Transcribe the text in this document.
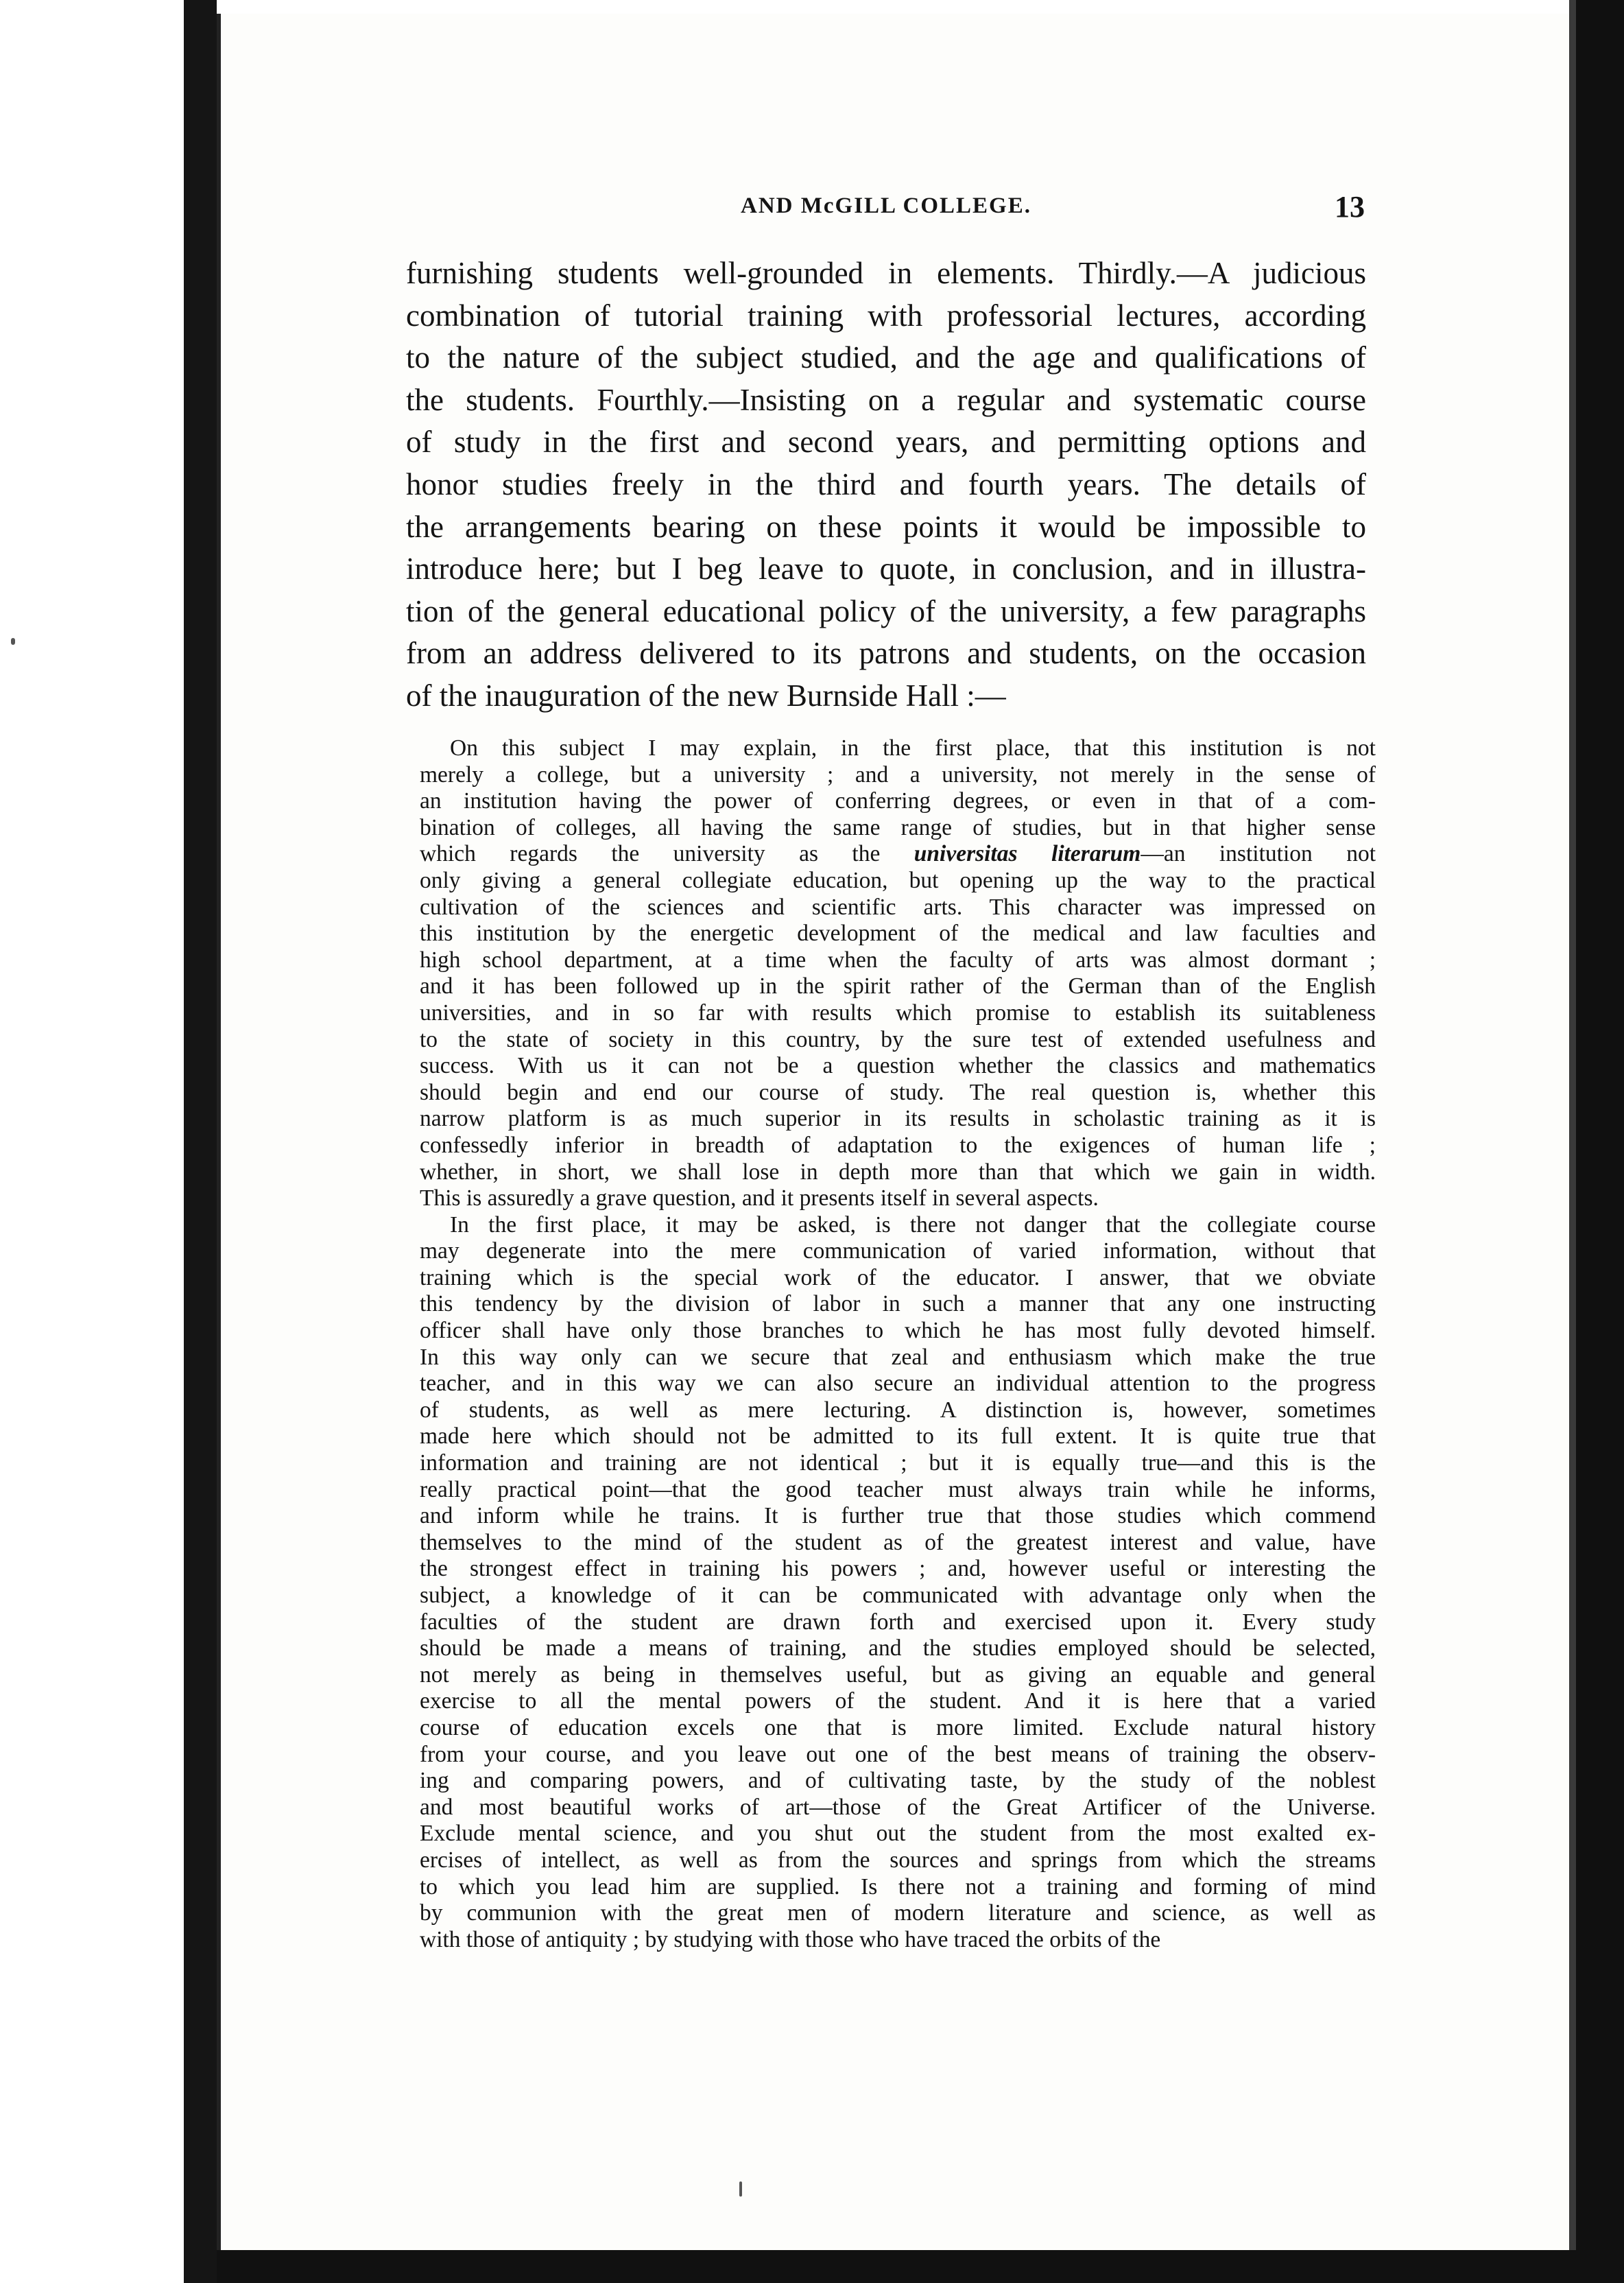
AND McGILL COLLEGE.	13
furnishing students well-grounded in elements. Thirdly.—A judicious
combination of tutorial training with professorial lectures, according
to the nature of the subject studied, and the age and qualifications of
the students. Fourthly.—Insisting on a regular and systematic course
of study in the first and second years, and permitting options and
honor studies freely in the third and fourth years. The details of
the arrangements bearing on these points it would be impossible to
introduce here; but I beg leave to quote, in conclusion, and in illustra-
tion of the general educational policy of the university, a few paragraphs
from an address delivered to its patrons and students, on the occasion
of the inauguration of the new Burnside Hall :—
On this subject I may explain, in the first place, that this institution is not
merely a college, but a university ; and a university, not merely in the sense of
an institution having the power of conferring degrees, or even in that of a com-
bination of colleges, all having the same range of studies, but in that higher sense
which regards the university as the universitas literarum—an institution not
only giving a general collegiate education, but opening up the way to the practical
cultivation of the sciences and scientific arts. This character was impressed on
this institution by the energetic development of the medical and law faculties and
high school department, at a time when the faculty of arts was almost dormant ;
and it has been followed up in the spirit rather of the German than of the English
universities, and in so far with results which promise to establish its suitableness
to the state of society in this country, by the sure test of extended usefulness and
success. With us it can not be a question whether the classics and mathematics
should begin and end our course of study. The real question is, whether this
narrow platform is as much superior in its results in scholastic training as it is
confessedly inferior in breadth of adaptation to the exigences of human life ;
whether, in short, we shall lose in depth more than that which we gain in width.
This is assuredly a grave question, and it presents itself in several aspects.
In the first place, it may be asked, is there not danger that the collegiate course
may degenerate into the mere communication of varied information, without that
training which is the special work of the educator. I answer, that we obviate
this tendency by the division of labor in such a manner that any one instructing
officer shall have only those branches to which he has most fully devoted himself.
In this way only can we secure that zeal and enthusiasm which make the true
teacher, and in this way we can also secure an individual attention to the progress
of students, as well as mere lecturing. A distinction is, however, sometimes
made here which should not be admitted to its full extent. It is quite true that
information and training are not identical ; but it is equally true—and this is the
really practical point—that the good teacher must always train while he informs,
and inform while he trains. It is further true that those studies which commend
themselves to the mind of the student as of the greatest interest and value, have
the strongest effect in training his powers ; and, however useful or interesting the
subject, a knowledge of it can be communicated with advantage only when the
faculties of the student are drawn forth and exercised upon it. Every study
should be made a means of training, and the studies employed should be selected,
not merely as being in themselves useful, but as giving an equable and general
exercise to all the mental powers of the student. And it is here that a varied
course of education excels one that is more limited. Exclude natural history
from your course, and you leave out one of the best means of training the observ-
ing and comparing powers, and of cultivating taste, by the study of the noblest
and most beautiful works of art—those of the Great Artificer of the Universe.
Exclude mental science, and you shut out the student from the most exalted ex-
ercises of intellect, as well as from the sources and springs from which the streams
to which you lead him are supplied. Is there not a training and forming of mind
by communion with the great men of modern literature and science, as well as
with those of antiquity ; by studying with those who have traced the orbits of the
